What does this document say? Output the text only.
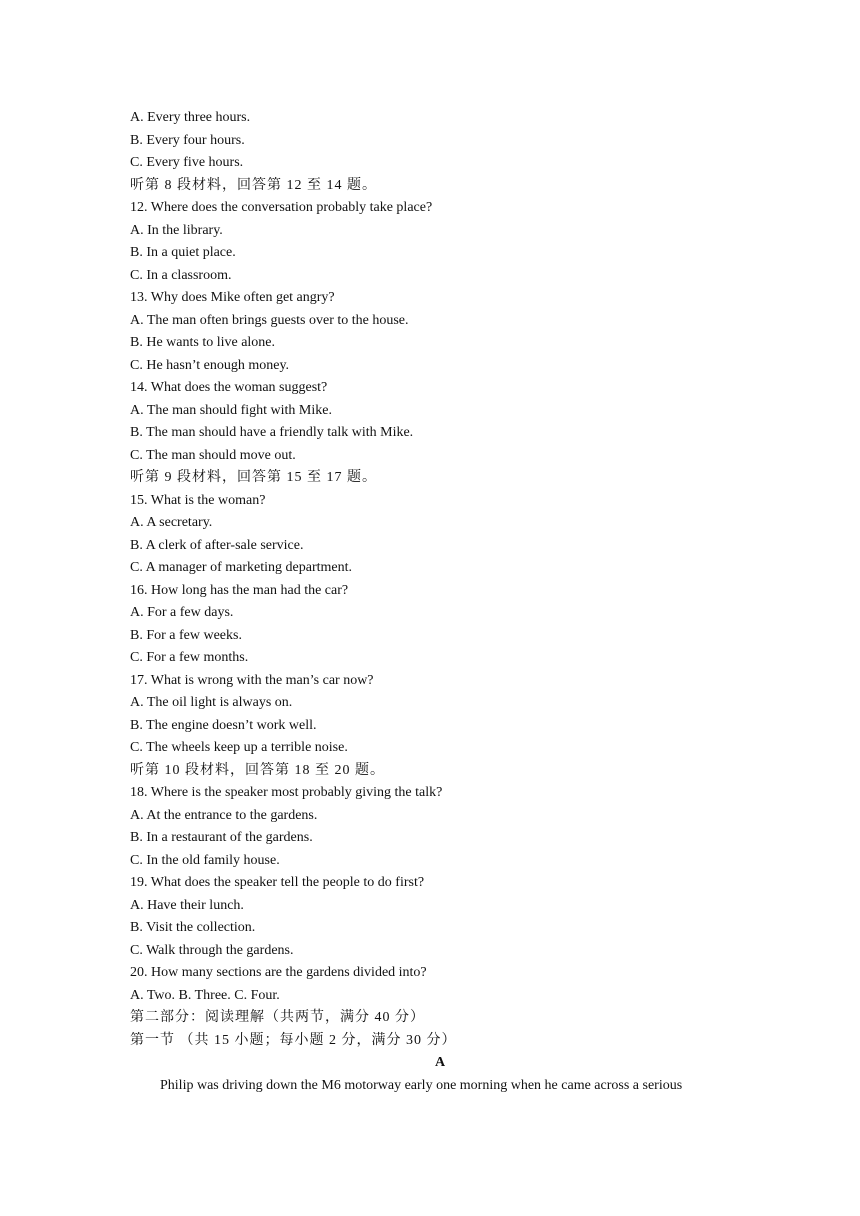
A. Every three hours.
B. Every four hours.
C. Every five hours.
听第 8 段材料，回答第 12 至 14 题。
12. Where does the conversation probably take place?
A. In the library.
B. In a quiet place.
C. In a classroom.
13. Why does Mike often get angry?
A. The man often brings guests over to the house.
B. He wants to live alone.
C. He hasn’t enough money.
14. What does the woman suggest?
A. The man should fight with Mike.
B. The man should have a friendly talk with Mike.
C. The man should move out.
听第 9 段材料，回答第 15 至 17 题。
15. What is the woman?
A. A secretary.
B. A clerk of after-sale service.
C. A manager of marketing department.
16. How long has the man had the car?
A. For a few days.
B. For a few weeks.
C. For a few months.
17. What is wrong with the man’s car now?
A. The oil light is always on.
B. The engine doesn’t work well.
C. The wheels keep up a terrible noise.
听第 10 段材料，回答第 18 至 20 题。
18. Where is the speaker most probably giving the talk?
A. At the entrance to the gardens.
B. In a restaurant of the gardens.
C. In the old family house.
19. What does the speaker tell the people to do first?
A. Have their lunch.
B. Visit the collection.
C. Walk through the gardens.
20. How many sections are the gardens divided into?
A. Two. B. Three. C. Four.
第二部分：阅读理解（共两节，满分 40 分）
第一节 （共 15 小题；每小题 2 分，满分 30 分）
A
Philip was driving down the M6 motorway early one morning when he came across a serious
